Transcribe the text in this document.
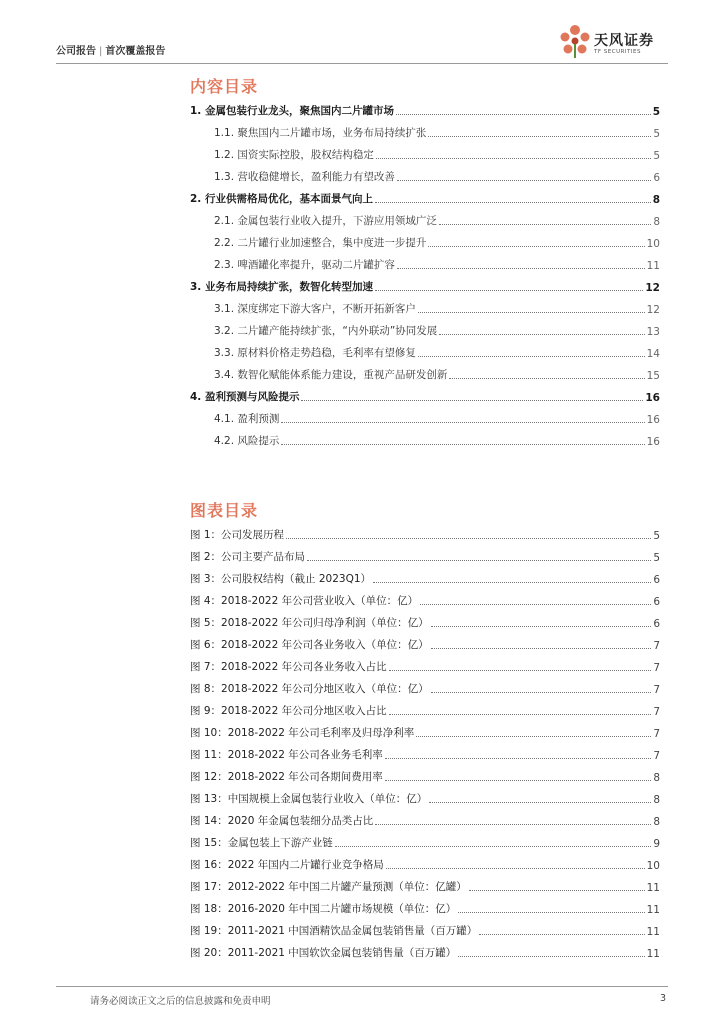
公司报告 | 首次覆盖报告
天风证券
TF SECURITIES
内容目录
1. 金属包装行业龙头，聚焦国内二片罐市场	5
1.1. 聚焦国内二片罐市场，业务布局持续扩张	5
1.2. 国资实际控股，股权结构稳定	5
1.3. 营收稳健增长，盈利能力有望改善	6
2. 行业供需格局优化，基本面景气向上	8
2.1. 金属包装行业收入提升，下游应用领域广泛	8
2.2. 二片罐行业加速整合，集中度进一步提升	10
2.3. 啤酒罐化率提升，驱动二片罐扩容	11
3. 业务布局持续扩张，数智化转型加速	12
3.1. 深度绑定下游大客户，不断开拓新客户	12
3.2. 二片罐产能持续扩张，“内外联动”协同发展	13
3.3. 原材料价格走势趋稳，毛利率有望修复	14
3.4. 数智化赋能体系能力建设，重视产品研发创新	15
4. 盈利预测与风险提示	16
4.1. 盈利预测	16
4.2. 风险提示	16
图表目录
图 1：公司发展历程	5
图 2：公司主要产品布局	5
图 3：公司股权结构（截止 2023Q1）	6
图 4：2018-2022 年公司营业收入（单位：亿）	6
图 5：2018-2022 年公司归母净利润（单位：亿）	6
图 6：2018-2022 年公司各业务收入（单位：亿）	7
图 7：2018-2022 年公司各业务收入占比	7
图 8：2018-2022 年公司分地区收入（单位：亿）	7
图 9：2018-2022 年公司分地区收入占比	7
图 10：2018-2022 年公司毛利率及归母净利率	7
图 11：2018-2022 年公司各业务毛利率	7
图 12：2018-2022 年公司各期间费用率	8
图 13：中国规模上金属包装行业收入（单位：亿）	8
图 14：2020 年金属包装细分品类占比	8
图 15：金属包装上下游产业链	9
图 16：2022 年国内二片罐行业竞争格局	10
图 17：2012-2022 年中国二片罐产量预测（单位：亿罐）	11
图 18：2016-2020 年中国二片罐市场规模（单位：亿）	11
图 19：2011-2021 中国酒精饮品金属包装销售量（百万罐）	11
图 20：2011-2021 中国软饮金属包装销售量（百万罐）	11
请务必阅读正文之后的信息披露和免责申明	3
